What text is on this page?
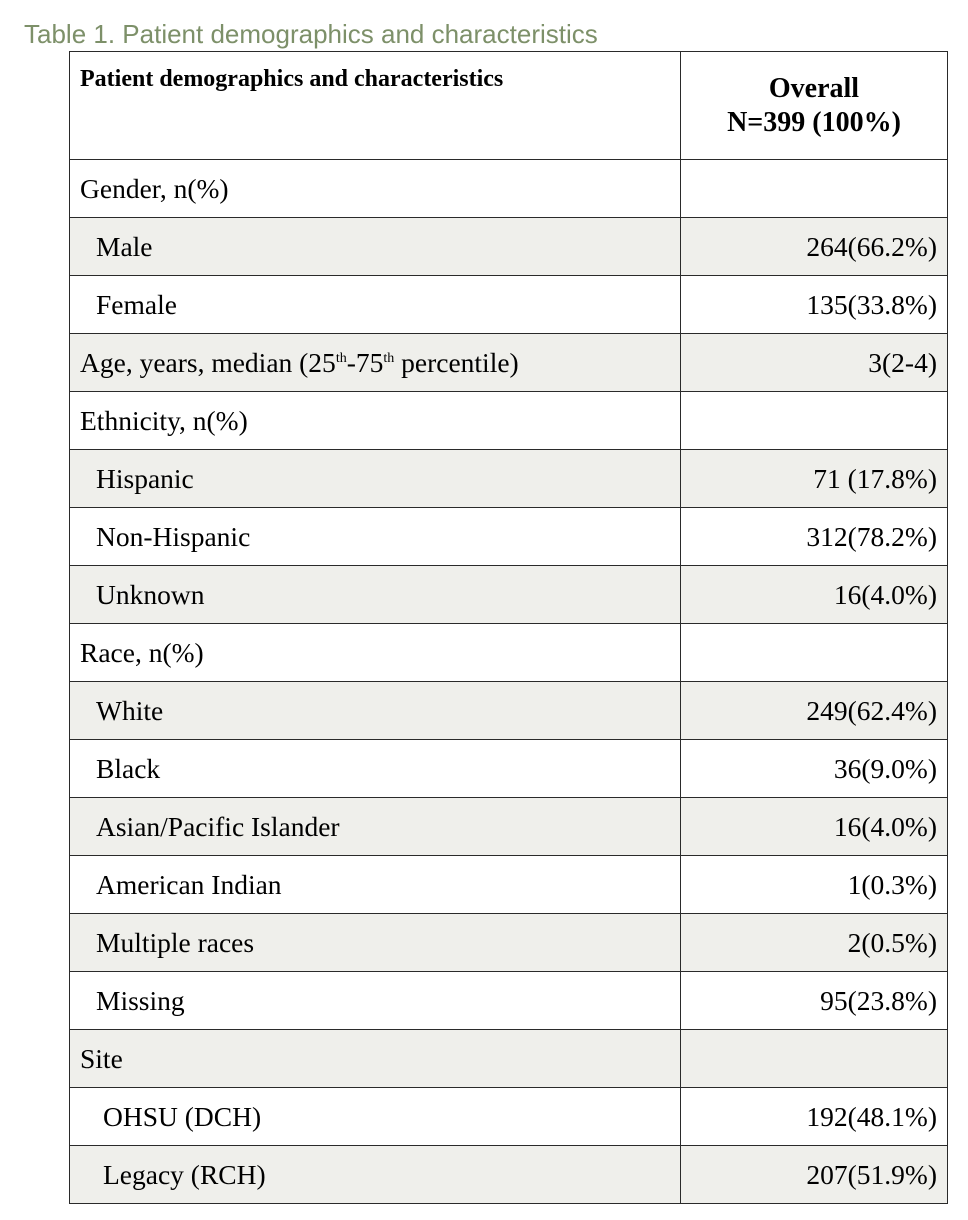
Table 1. Patient demographics and characteristics
Patient demographics and characteristics	Overall
N=399 (100%)
Gender, n(%)	
Male	264(66.2%)
Female	135(33.8%)
Age, years, median (25th-75th percentile)	3(2-4)
Ethnicity, n(%)	
Hispanic	71 (17.8%)
Non-Hispanic	312(78.2%)
Unknown	16(4.0%)
Race, n(%)	
White	249(62.4%)
Black	36(9.0%)
Asian/Pacific Islander	16(4.0%)
American Indian	1(0.3%)
Multiple races	2(0.5%)
Missing	95(23.8%)
Site	
OHSU (DCH)	192(48.1%)
Legacy (RCH)	207(51.9%)
